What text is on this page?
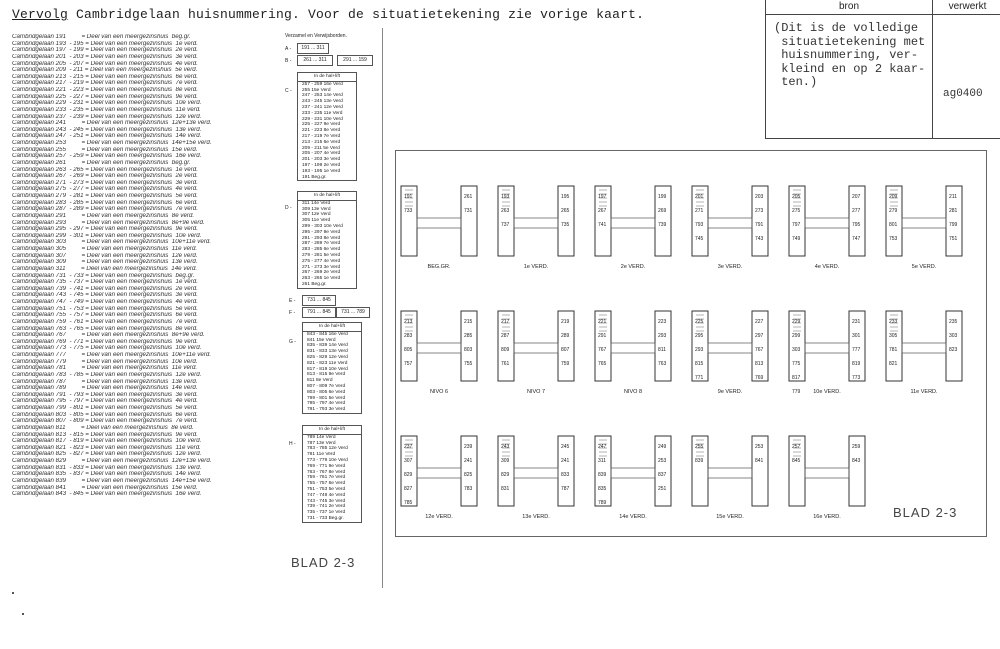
Vervolg Cambridgelaan huisnummering. Voor de situatietekening zie vorige kaart.
bron	verwerkt
(Dit is de volledige
situatietekening met
huisnummering, ver-
kleind en op 2 kaar-
ten.)
ag0400
Cambridgelaan 191         = Deel van een meergezinshuis  beg.gr.
Cambridgelaan 193  - 195 = Deel van een meergezinshuis  1e verd.
Cambridgelaan 197  - 199 = Deel van een meergezinshuis  2e verd.
Cambridgelaan 201  - 203 = Deel van een meergezinshuis  3e verd.
Cambridgelaan 205  - 207 = Deel van een meergezinshuis  4e verd.
Cambridgelaan 209  - 211 = Deel van een meergezinshuis  5e verd.
Cambridgelaan 213  - 215 = Deel van een meergezinshuis  6e verd.
Cambridgelaan 217  - 219 = Deel van een meergezinshuis  7e verd.
Cambridgelaan 221  - 223 = Deel van een meergezinshuis  8e verd.
Cambridgelaan 225  - 227 = Deel van een meergezinshuis  9e verd.
Cambridgelaan 229  - 231 = Deel van een meergezinshuis  10e verd.
Cambridgelaan 233  - 235 = Deel van een meergezinshuis  11e verd.
Cambridgelaan 237  - 239 = Deel van een meergezinshuis  12e verd.
Cambridgelaan 241         = Deel van een meergezinshuis  12e+13e verd.
Cambridgelaan 243  - 245 = Deel van een meergezinshuis  13e verd.
Cambridgelaan 247  - 251 = Deel van een meergezinshuis  14e verd.
Cambridgelaan 253         = Deel van een meergezinshuis  14e+15e verd.
Cambridgelaan 255         = Deel van een meergezinshuis  15e verd.
Cambridgelaan 257  - 259 = Deel van een meergezinshuis  16e verd.
Cambridgelaan 261         = Deel van een meergezinshuis  beg.gr.
Cambridgelaan 263  - 265 = Deel van een meergezinshuis  1e verd.
Cambridgelaan 267  - 269 = Deel van een meergezinshuis  2e verd.
Cambridgelaan 271  - 273 = Deel van een meergezinshuis  3e verd.
Cambridgelaan 275  - 277 = Deel van een meergezinshuis  4e verd.
Cambridgelaan 279  - 281 = Deel van een meergezinshuis  5e verd.
Cambridgelaan 283  - 285 = Deel van een meergezinshuis  6e verd.
Cambridgelaan 287  - 289 = Deel van een meergezinshuis  7e verd.
Cambridgelaan 291         = Deel van een meergezinshuis  8e verd.
Cambridgelaan 293         = Deel van een meergezinshuis  8e+9e verd.
Cambridgelaan 295  - 297 = Deel van een meergezinshuis  9e verd.
Cambridgelaan 299  - 301 = Deel van een meergezinshuis  10e verd.
Cambridgelaan 303         = Deel van een meergezinshuis  10e+11e verd.
Cambridgelaan 305         = Deel van een meergezinshuis  11e verd.
Cambridgelaan 307         = Deel van een meergezinshuis  12e verd.
Cambridgelaan 309         = Deel van een meergezinshuis  13e verd.
Cambridgelaan 311         = Deel van een meergezinshuis  14e verd.
Cambridgelaan 731  - 733 = Deel van een meergezinshuis  beg.gr.
Cambridgelaan 735  - 737 = Deel van een meergezinshuis  1e verd.
Cambridgelaan 739  - 741 = Deel van een meergezinshuis  2e verd.
Cambridgelaan 743  - 745 = Deel van een meergezinshuis  3e verd.
Cambridgelaan 747  - 749 = Deel van een meergezinshuis  4e verd.
Cambridgelaan 751  - 753 = Deel van een meergezinshuis  5e verd.
Cambridgelaan 755  - 757 = Deel van een meergezinshuis  6e verd.
Cambridgelaan 759  - 761 = Deel van een meergezinshuis  7e verd.
Cambridgelaan 763  - 765 = Deel van een meergezinshuis  8e verd.
Cambridgelaan 767         = Deel van een meergezinshuis  8e+9e verd.
Cambridgelaan 769  - 771 = Deel van een meergezinshuis  9e verd.
Cambridgelaan 773  - 775 = Deel van een meergezinshuis  10e verd.
Cambridgelaan 777         = Deel van een meergezinshuis  10e+11e verd.
Cambridgelaan 779         = Deel van een meergezinshuis  10e verd.
Cambridgelaan 781         = Deel van een meergezinshuis  11e verd.
Cambridgelaan 783  - 785 = Deel van een meergezinshuis  12e verd.
Cambridgelaan 787         = Deel van een meergezinshuis  13e verd.
Cambridgelaan 789         = Deel van een meergezinshuis  14e verd.
Cambridgelaan 791  - 793 = Deel van een meergezinshuis  3e verd.
Cambridgelaan 795  - 797 = Deel van een meergezinshuis  4e verd.
Cambridgelaan 799  - 801 = Deel van een meergezinshuis  5e verd.
Cambridgelaan 803  - 805 = Deel van een meergezinshuis  6e verd.
Cambridgelaan 807  - 809 = Deel van een meergezinshuis  7e verd.
Cambridgelaan 811         = Deel van een meergezinshuis  8e verd.
Cambridgelaan 813  - 815 = Deel van een meergezinshuis  9e verd.
Cambridgelaan 817  - 819 = Deel van een meergezinshuis  10e verd.
Cambridgelaan 821  - 823 = Deel van een meergezinshuis  11e verd.
Cambridgelaan 825  - 827 = Deel van een meergezinshuis  12e verd.
Cambridgelaan 829         = Deel van een meergezinshuis  12e+13e verd.
Cambridgelaan 831  - 833 = Deel van een meergezinshuis  13e verd.
Cambridgelaan 835  - 837 = Deel van een meergezinshuis  14e verd.
Cambridgelaan 839         = Deel van een meergezinshuis  14e+15e verd.
Cambridgelaan 841         = Deel van een meergezinshuis  15e verd.
Cambridgelaan 843  - 845 = Deel van een meergezinshuis  16e verd.
Verzamel en Verwijsborden.
A -	191 ... 311
B -	261 ... 311	291 ... 159
C -
In de hal+lift
257 - 259 16e Verd
255 15e Verd
247 - 253 14e Verd
243 - 245 13e Verd
237 - 241 12e Verd
233 - 235 11e Verd
229 - 231 10e Verd
225 - 227 9e Verd
221 - 223 8e Verd
217 - 219 7e Verd
213 - 215 6e Verd
209 - 211 5e Verd
205 - 207 4e Verd
201 - 203 3e Verd
197 - 199 2e Verd
193 - 195 1e Verd
191 Beg.gr.
D -
In de hal+lift
311 14e Verd
309 13e Verd
307 12e Verd
305 11e Verd
299 - 303 10e Verd
295 - 297 9e Verd
291 - 293 8e Verd
287 - 289 7e Verd
283 - 285 6e Verd
279 - 281 5e Verd
275 - 277 4e Verd
271 - 273 3e Verd
267 - 269 2e Verd
263 - 265 1e Verd
261 Beg.gr.
E -	731 ... 845
F -	791 ... 845	731 ... 789
G -
In de hal+lift
843 - 845 16e Verd
841 15e Verd
835 - 839 14e Verd
831 - 833 13e Verd
825 - 829 12e Verd
821 - 823 11e Verd
817 - 819 10e Verd
813 - 815 9e Verd
811 8e Verd
807 - 809 7e Verd
803 - 805 6e Verd
799 - 801 5e Verd
795 - 797 4e Verd
791 - 793 3e Verd
H -
In de hal+lift
789 14e Verd
787 13e Verd
783 - 785 12e Verd
781 11e Verd
773 - 779 10e Verd
769 - 771 9e Verd
763 - 767 8e Verd
759 - 761 7e Verd
755 - 757 6e Verd
751 - 753 5e Verd
747 - 749 4e Verd
743 - 745 3e Verd
739 - 741 2e Verd
735 - 737 1e Verd
731 - 733 Beg.gr.
BLAD 2-3
191	261
733	731
BEG.GR.
193	195
263	265
737	735
1e VERD.
197	199
267	269
741	739
2e VERD.
201	203
271	273
793	791
745	743
3e VERD.
205	207
275	277
797	795
749	747
4e VERD.
209	211
279	281
801	799
753	751
5e VERD.
213	215
283	285
805	803
757	755
NIVO 6
217	219
287	289
809	807
761	759
NIVO 7
221	223
291	293
767	811
765	763
NIVO 8
225	227
295	297
293	767
815	813
771	769
9e VERD.
229	231
299	301
303	777
775	819
817	773
779 10e VERD.
233	235
305	303
781	823
821
11e VERD.
237	239
307	241
829	825
827	783
785
12e VERD.
243	245
309	241
829	833
831	787
13e VERD.
247	249
311	253
839	837
835	251
789
14e VERD.
255	253
839	841
15e VERD.
257	259
845	843
16e VERD.	BLAD 2-3
